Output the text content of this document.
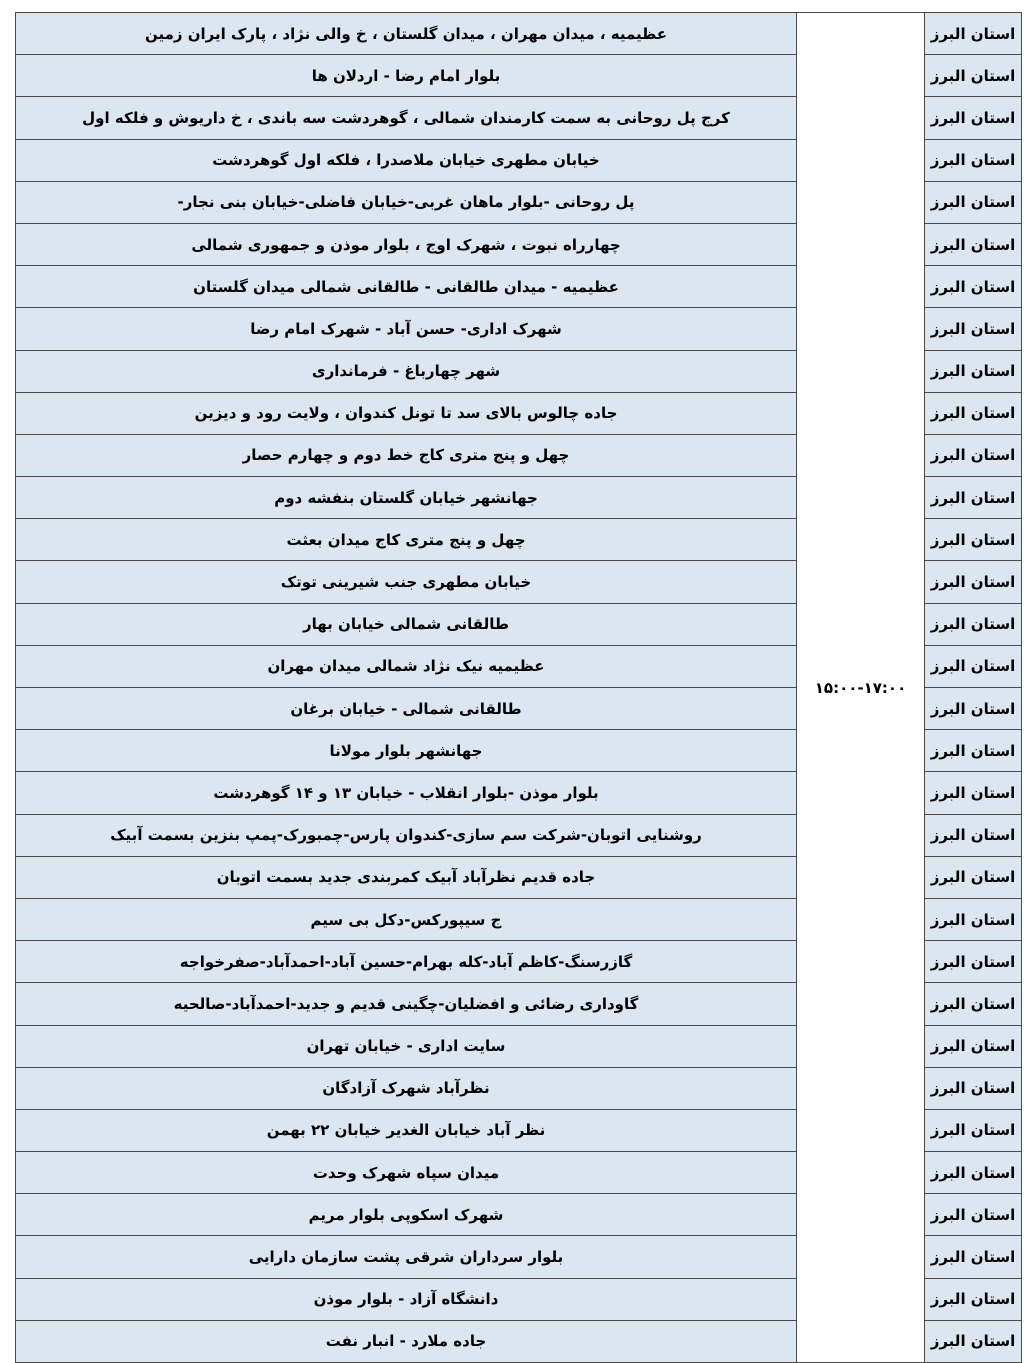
استان البرز	۱۵:۰۰-۱۷:۰۰	عظیمیه ، میدان مهران ، میدان گلستان ، خ والی نژاد ، پارک ایران زمین
استان البرز		بلوار امام رضا - اردلان ها
استان البرز		کرج پل روحانی به سمت کارمندان شمالی ، گوهردشت سه باندی ، خ داریوش و فلکه اول
استان البرز		خیابان مطهری خیابان ملاصدرا ، فلکه اول گوهردشت
استان البرز		پل روحانی -بلوار ماهان غربی-خیابان فاضلی-خیابان بنی نجار-
استان البرز		چهارراه نبوت ، شهرک اوج ، بلوار موذن و جمهوری شمالی
استان البرز		عظیمیه - میدان طالقانی - طالقانی شمالی میدان گلستان
استان البرز		شهرک اداری- حسن آباد - شهرک امام رضا
استان البرز		شهر چهارباغ - فرمانداری
استان البرز		جاده چالوس بالای سد تا تونل کندوان ، ولایت رود و دیزین
استان البرز		چهل و پنج متری کاج خط دوم و چهارم حصار
استان البرز		جهانشهر خیابان گلستان بنفشه دوم
استان البرز		چهل و پنج متری کاج میدان بعثت
استان البرز		خیابان مطهری جنب شیرینی توتک
استان البرز		طالقانی شمالی خیابان بهار
استان البرز		عظیمیه نیک نژاد شمالی میدان مهران
استان البرز		طالقانی شمالی - خیابان برغان
استان البرز		جهانشهر بلوار مولانا
استان البرز		بلوار موذن -بلوار انقلاب - خیابان ۱۳ و ۱۴ گوهردشت
استان البرز		روشنایی اتوبان-شرکت سم سازی-کندوان پارس-چمبورک-پمپ بنزین بسمت آبیک
استان البرز		جاده قدیم نظرآباد آبیک کمربندی جدید بسمت اتوبان
استان البرز		ج سیپورکس-دکل بی سیم
استان البرز		گازرسنگ-کاظم آباد-کله بهرام-حسین آباد-احمدآباد-صفرخواجه
استان البرز		گاوداری رضائی و افضلیان-چگینی قدیم و جدید-احمدآباد-صالحیه
استان البرز		سایت اداری - خیابان تهران
استان البرز		نظرآباد شهرک آزادگان
استان البرز		نظر آباد خیابان الغدیر خیابان ۲۲ بهمن
استان البرز		میدان سپاه شهرک وحدت
استان البرز		شهرک اسکوپی بلوار مریم
استان البرز		بلوار سرداران شرقی پشت سازمان دارایی
استان البرز		دانشگاه آزاد - بلوار موذن
استان البرز		جاده ملارد - انبار نفت
